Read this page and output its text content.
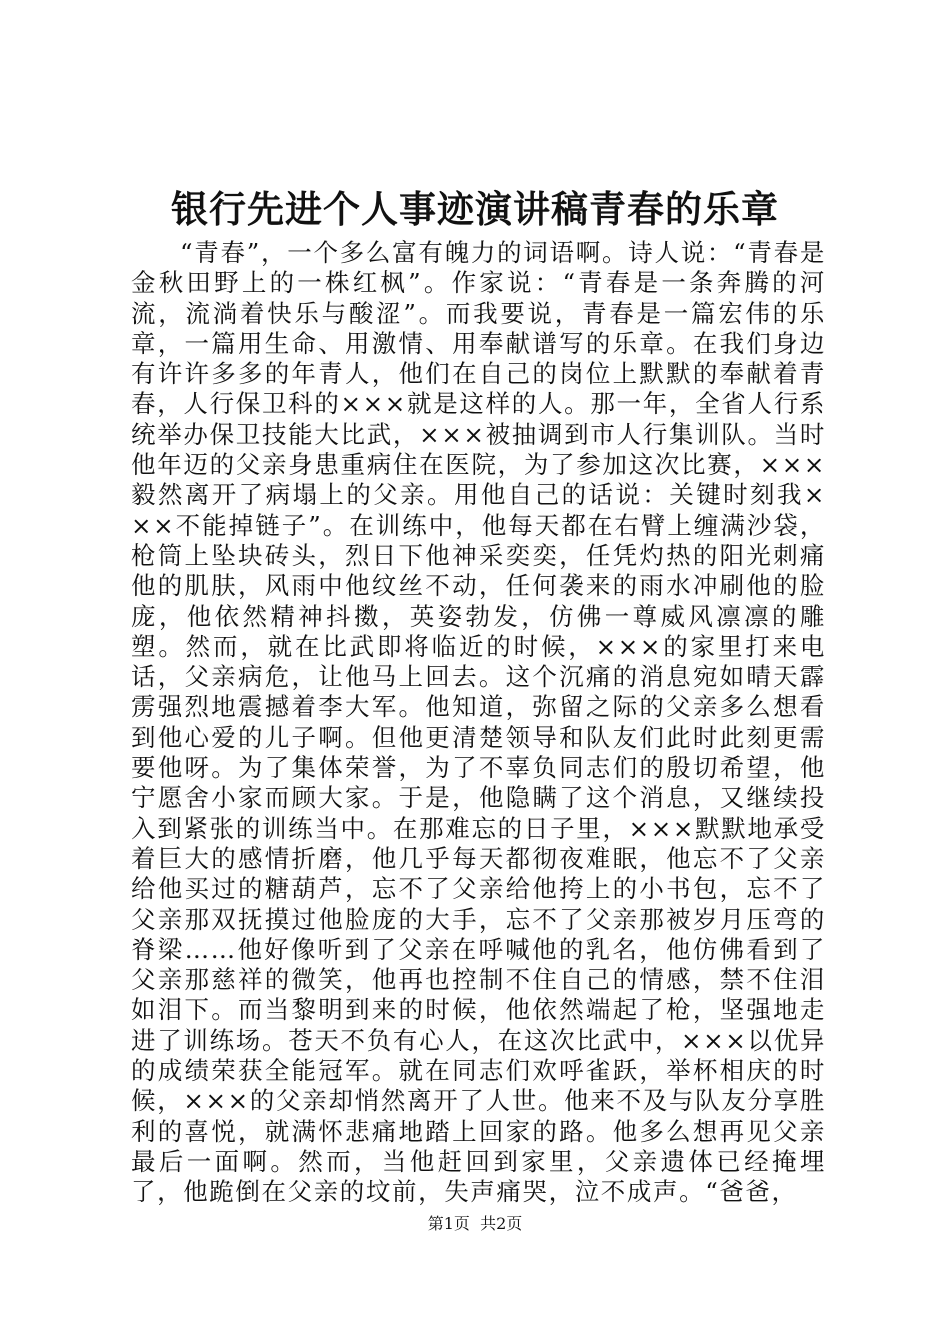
银行先进个人事迹演讲稿青春的乐章

“青春”，一个多么富有魄力的词语啊。诗人说：“青春是金秋田野上的一株红枫”。作家说：“青春是一条奔腾的河流，流淌着快乐与酸涩”。而我要说，青春是一篇宏伟的乐章，一篇用生命、用激情、用奉献谱写的乐章。在我们身边有许许多多的年青人，他们在自己的岗位上默默的奉献着青春，人行保卫科的×××就是这样的人。那一年，全省人行系统举办保卫技能大比武，×××被抽调到市人行集训队。当时他年迈的父亲身患重病住在医院，为了参加这次比赛，×××毅然离开了病塌上的父亲。用他自己的话说：关键时刻我×××不能掉链子”。在训练中，他每天都在右臂上缠满沙袋，枪筒上坠块砖头，烈日下他神采奕奕，任凭灼热的阳光刺痛他的肌肤，风雨中他纹丝不动，任何袭来的雨水冲刷他的脸庞，他依然精神抖擞，英姿勃发，仿佛一尊威风凛凛的雕塑。然而，就在比武即将临近的时候，×××的家里打来电话，父亲病危，让他马上回去。这个沉痛的消息宛如晴天霹雳强烈地震撼着李大军。他知道，弥留之际的父亲多么想看到他心爱的儿子啊。但他更清楚领导和队友们此时此刻更需要他呀。为了集体荣誉，为了不辜负同志们的殷切希望，他宁愿舍小家而顾大家。于是，他隐瞒了这个消息，又继续投入到紧张的训练当中。在那难忘的日子里，×××默默地承受着巨大的感情折磨，他几乎每天都彻夜难眠，他忘不了父亲给他买过的糖葫芦，忘不了父亲给他挎上的小书包，忘不了父亲那双抚摸过他脸庞的大手，忘不了父亲那被岁月压弯的脊梁……他好像听到了父亲在呼喊他的乳名，他仿佛看到了父亲那慈祥的微笑，他再也控制不住自己的情感，禁不住泪如泪下。而当黎明到来的时候，他依然端起了枪，坚强地走进了训练场。苍天不负有心人，在这次比武中，×××以优异的成绩荣获全能冠军。就在同志们欢呼雀跃，举杯相庆的时候，×××的父亲却悄然离开了人世。他来不及与队友分享胜利的喜悦，就满怀悲痛地踏上回家的路。他多么想再见父亲最后一面啊。然而，当他赶回到家里，父亲遗体已经掩埋了，他跪倒在父亲的坟前，失声痛哭，泣不成声。“爸爸，

第1页 共2页
